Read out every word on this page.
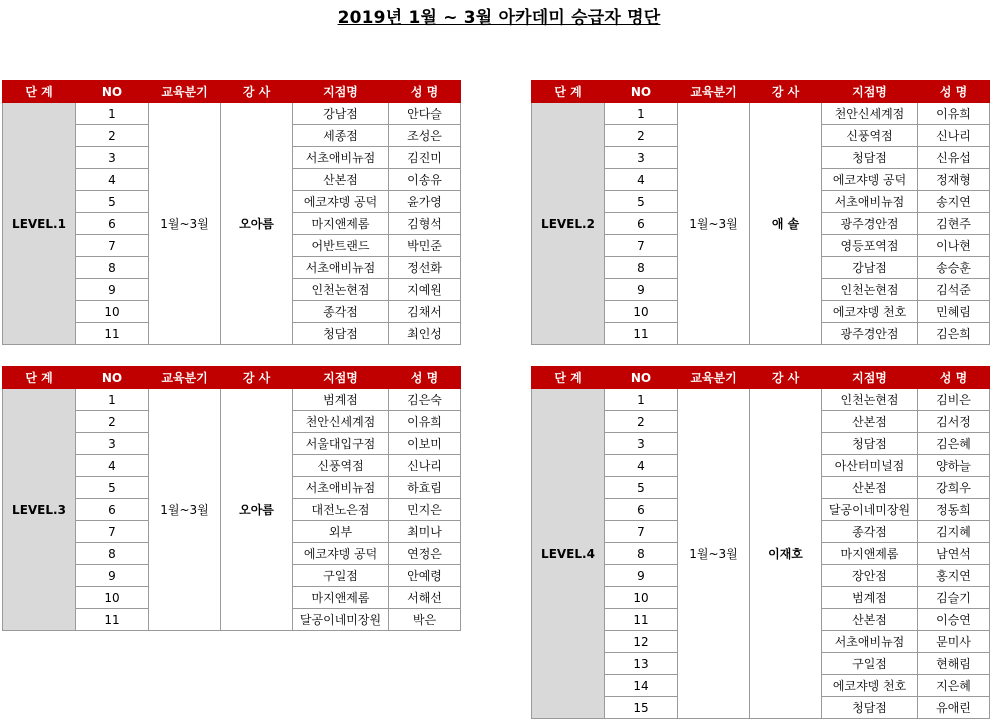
2019년 1월 ~ 3월 아카데미 승급자 명단
단 계	NO	교육분기	강 사	지점명	성 명
LEVEL.1	1	1월~3월	오아름	강남점	안다슬
	2			세종점	조성은
	3			서초애비뉴점	김진미
	4			산본점	이송유
	5			에코쟈뎅 공덕	윤가영
	6			마지앤제롬	김형석
	7			어반트랜드	박민준
	8			서초애비뉴점	정선화
	9			인천논현점	지예원
	10			종각점	김채서
	11			청담점	최인성
단 계	NO	교육분기	강 사	지점명	성 명
LEVEL.2	1	1월~3월	애 솔	천안신세계점	이유희
	2			신풍역점	신나리
	3			청담점	신유섭
	4			에코쟈뎅 공덕	정재형
	5			서초애비뉴점	송지연
	6			광주경안점	김현주
	7			영등포역점	이나현
	8			강남점	송승훈
	9			인천논현점	김석준
	10			에코쟈뎅 천호	민혜림
	11			광주경안점	김은희
단 계	NO	교육분기	강 사	지점명	성 명
LEVEL.3	1	1월~3월	오아름	범계점	김은숙
	2			천안신세계점	이유희
	3			서울대입구점	이보미
	4			신풍역점	신나리
	5			서초애비뉴점	하효림
	6			대전노은점	민지은
	7			외부	최미나
	8			에코쟈뎅 공덕	연정은
	9			구일점	안예령
	10			마지앤제롬	서해선
	11			달공이네미장원	박은
단 계	NO	교육분기	강 사	지점명	성 명
LEVEL.4	1	1월~3월	이재호	인천논현점	김비은
	2			산본점	김서정
	3			청담점	김은혜
	4			아산터미널점	양하늘
	5			산본점	강희우
	6			달공이네미장원	정동희
	7			종각점	김지혜
	8			마지앤제롬	남연석
	9			장안점	홍지연
	10			범계점	김슬기
	11			산본점	이승연
	12			서초애비뉴점	문미사
	13			구일점	현해림
	14			에코쟈뎅 천호	지은혜
	15			청담점	유애린
